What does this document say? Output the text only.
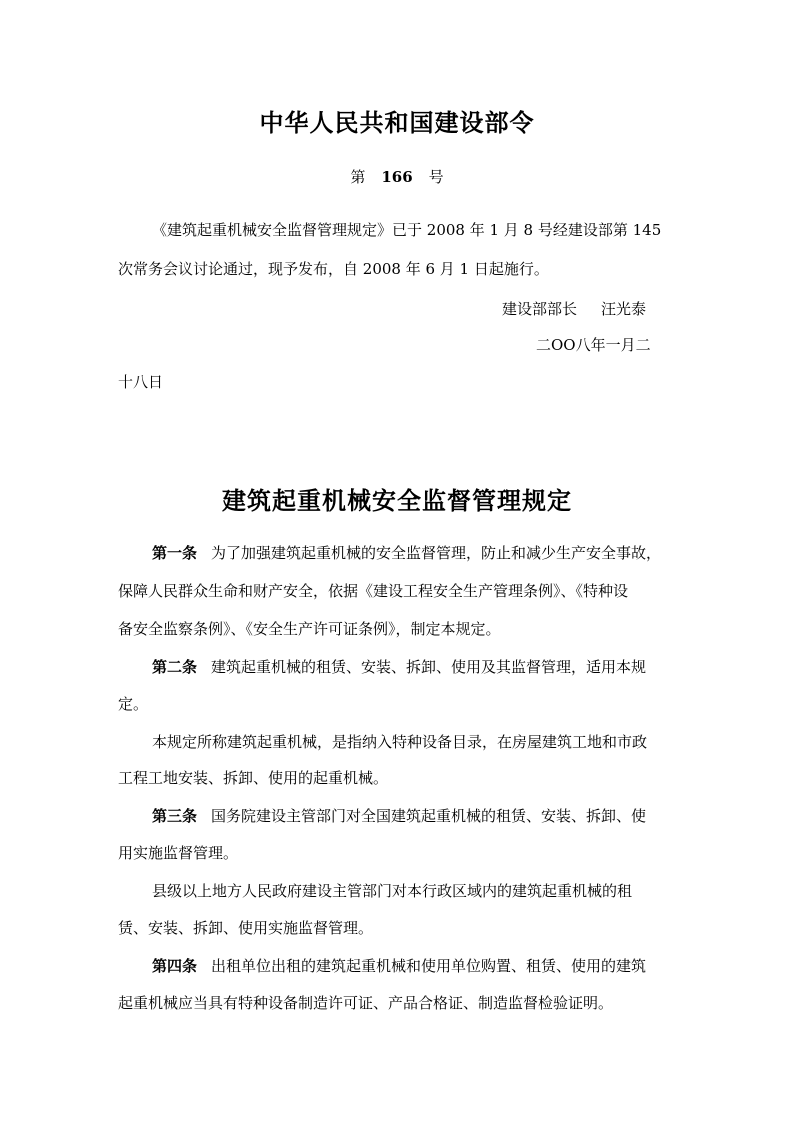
中华人民共和国建设部令
第 166 号
《建筑起重机械安全监督管理规定》已于 2008 年 1 月 8 号经建设部第 145
次常务会议讨论通过，现予发布，自 2008 年 6 月 1 日起施行。
建设部部长 汪光泰
二OO八年一月二
十八日
建筑起重机械安全监督管理规定
第一条 为了加强建筑起重机械的安全监督管理，防止和减少生产安全事故，
保障人民群众生命和财产安全，依据《建设工程安全生产管理条例》、《特种设
备安全监察条例》、《安全生产许可证条例》，制定本规定。
第二条 建筑起重机械的租赁、安装、拆卸、使用及其监督管理，适用本规
定。
本规定所称建筑起重机械，是指纳入特种设备目录，在房屋建筑工地和市政
工程工地安装、拆卸、使用的起重机械。
第三条 国务院建设主管部门对全国建筑起重机械的租赁、安装、拆卸、使
用实施监督管理。
县级以上地方人民政府建设主管部门对本行政区域内的建筑起重机械的租
赁、安装、拆卸、使用实施监督管理。
第四条 出租单位出租的建筑起重机械和使用单位购置、租赁、使用的建筑
起重机械应当具有特种设备制造许可证、产品合格证、制造监督检验证明。
